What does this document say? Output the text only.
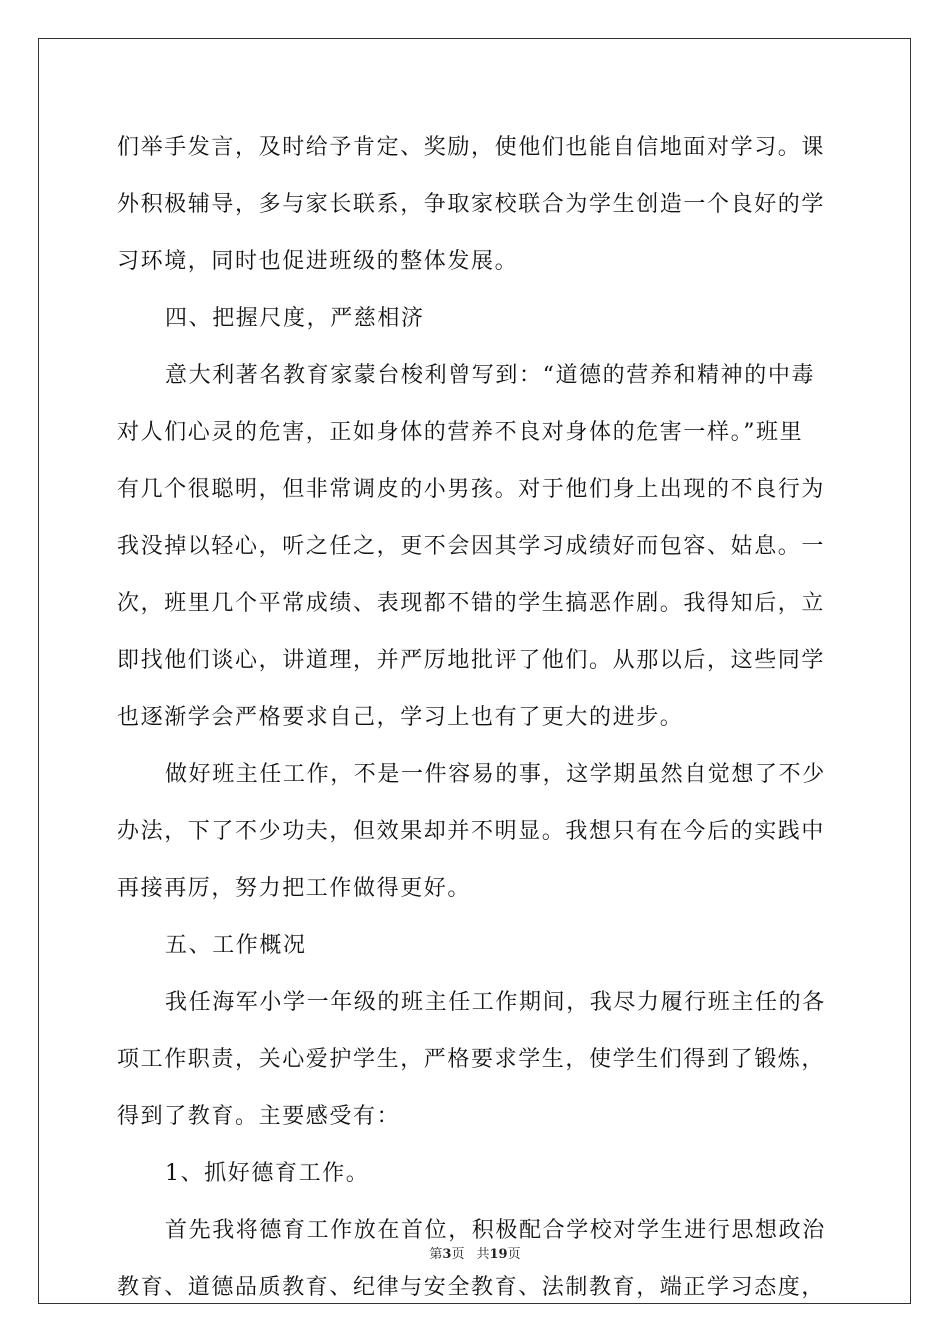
们举手发言，及时给予肯定、奖励，使他们也能自信地面对学习。课
外积极辅导，多与家长联系，争取家校联合为学生创造一个良好的学
习环境，同时也促进班级的整体发展。
四、把握尺度，严慈相济
意大利著名教育家蒙台梭利曾写到：“道德的营养和精神的中毒
对人们心灵的危害，正如身体的营养不良对身体的危害一样。”班里
有几个很聪明，但非常调皮的小男孩。对于他们身上出现的不良行为
我没掉以轻心，听之任之，更不会因其学习成绩好而包容、姑息。一
次，班里几个平常成绩、表现都不错的学生搞恶作剧。我得知后，立
即找他们谈心，讲道理，并严厉地批评了他们。从那以后，这些同学
也逐渐学会严格要求自己，学习上也有了更大的进步。
做好班主任工作，不是一件容易的事，这学期虽然自觉想了不少
办法，下了不少功夫，但效果却并不明显。我想只有在今后的实践中
再接再厉，努力把工作做得更好。
五、工作概况
我任海军小学一年级的班主任工作期间，我尽力履行班主任的各
项工作职责，关心爱护学生，严格要求学生，使学生们得到了锻炼，
得到了教育。主要感受有：
1、抓好德育工作。
首先我将德育工作放在首位，积极配合学校对学生进行思想政治
教育、道德品质教育、纪律与安全教育、法制教育，端正学习态度，
第3页 共19页
